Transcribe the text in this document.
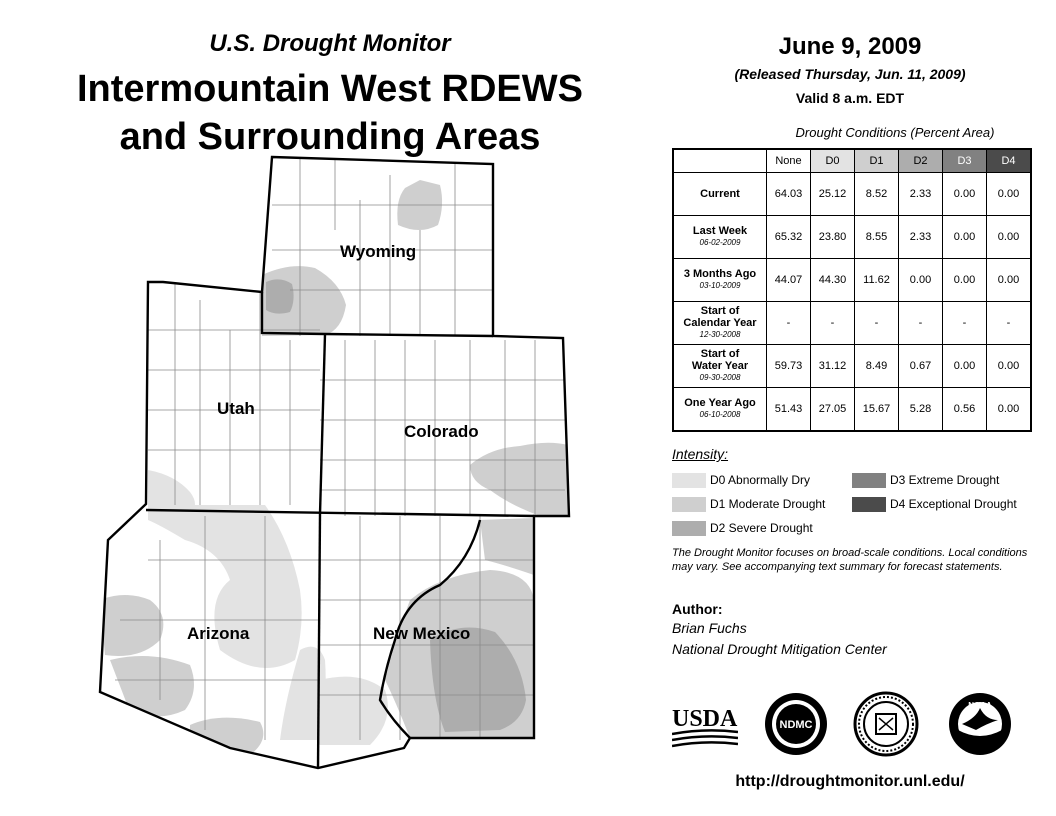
U.S. Drought Monitor
Intermountain West RDEWS
and Surrounding Areas
Wyoming
Utah
Colorado
Arizona	New Mexico
June 9, 2009
(Released Thursday, Jun. 11, 2009)
Valid 8 a.m. EDT
Drought Conditions (Percent Area)
	None	D0	D1	D2	D3	D4

Current	64.03	25.12	8.52	2.33	0.00	0.00

Last Week
06-02-2009	65.32	23.80	8.55	2.33	0.00	0.00

3 Months Ago
03-10-2009	44.07	44.30	11.62	0.00	0.00	0.00

Start of
Calendar Year
12-30-2008	-	-	-	-	-	-

Start of
Water Year
09-30-2008	59.73	31.12	8.49	0.67	0.00	0.00

One Year Ago
06-10-2008	51.43	27.05	15.67	5.28	0.56	0.00
Intensity:
D0 Abnormally Dry
D1 Moderate Drought
D2 Severe Drought
D3 Extreme Drought
D4 Exceptional Drought
The Drought Monitor focuses on broad-scale conditions. Local conditions may vary. See accompanying text summary for forecast statements.
Author:
Brian Fuchs
National Drought Mitigation Center
USDA	NDMC
NOAA
http://droughtmonitor.unl.edu/
